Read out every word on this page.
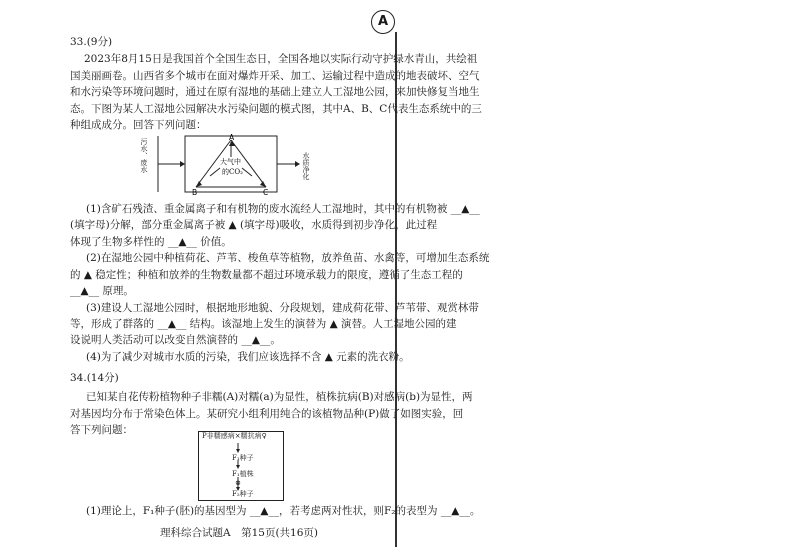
A
33.(9分)
2023年8月15日是我国首个全国生态日，全国各地以实际行动守护绿水青山，共绘祖
国美丽画卷。山西省多个城市在面对爆炸开采、加工、运输过程中造成的地表破坏、空气
和水污染等环境问题时，通过在原有湿地的基础上建立人工湿地公园，来加快修复当地生
态。下图为某人工湿地公园解决水污染问题的模式图，其中A、B、C代表生态系统中的三
种组成成分。回答下列问题：
A
B	C
大气中
的CO₂
污水、废水	水质净化
(1)含矿石残渣、重金属离子和有机物的废水流经人工湿地时，其中的有机物被 __▲__
(填字母)分解，部分重金属离子被 ▲ (填字母)吸收，水质得到初步净化，此过程
体现了生物多样性的 __▲__ 价值。
(2)在湿地公园中种植荷花、芦苇、梭鱼草等植物，放养鱼苗、水禽等，可增加生态系统
的 ▲ 稳定性；种植和放养的生物数量都不超过环境承载力的限度，遵循了生态工程的
__▲__ 原理。
(3)建设人工湿地公园时，根据地形地貌、分段规划，建成荷花带、芦苇带、观赏林带
等，形成了群落的 __▲__ 结构。该湿地上发生的演替为 ▲ 演替。人工湿地公园的建
设说明人类活动可以改变自然演替的 __▲__。
(4)为了减少对城市水质的污染，我们应该选择不含 ▲ 元素的洗衣粉。
34.(14分)
已知某自花传粉植物种子非糯(A)对糯(a)为显性，植株抗病(B)对感病(b)为显性，两
对基因均分布于常染色体上。某研究小组利用纯合的该植物品种(P)做了如图实验，回
答下列问题：	P非糯感病×糯抗病♀
F₁种子
F₁植株
⊗
F₂种子
(1)理论上，F₁种子(胚)的基因型为 __▲__，若考虑两对性状，则F₂的表型为 __▲__。
理科综合试题A　第15页(共16页)
